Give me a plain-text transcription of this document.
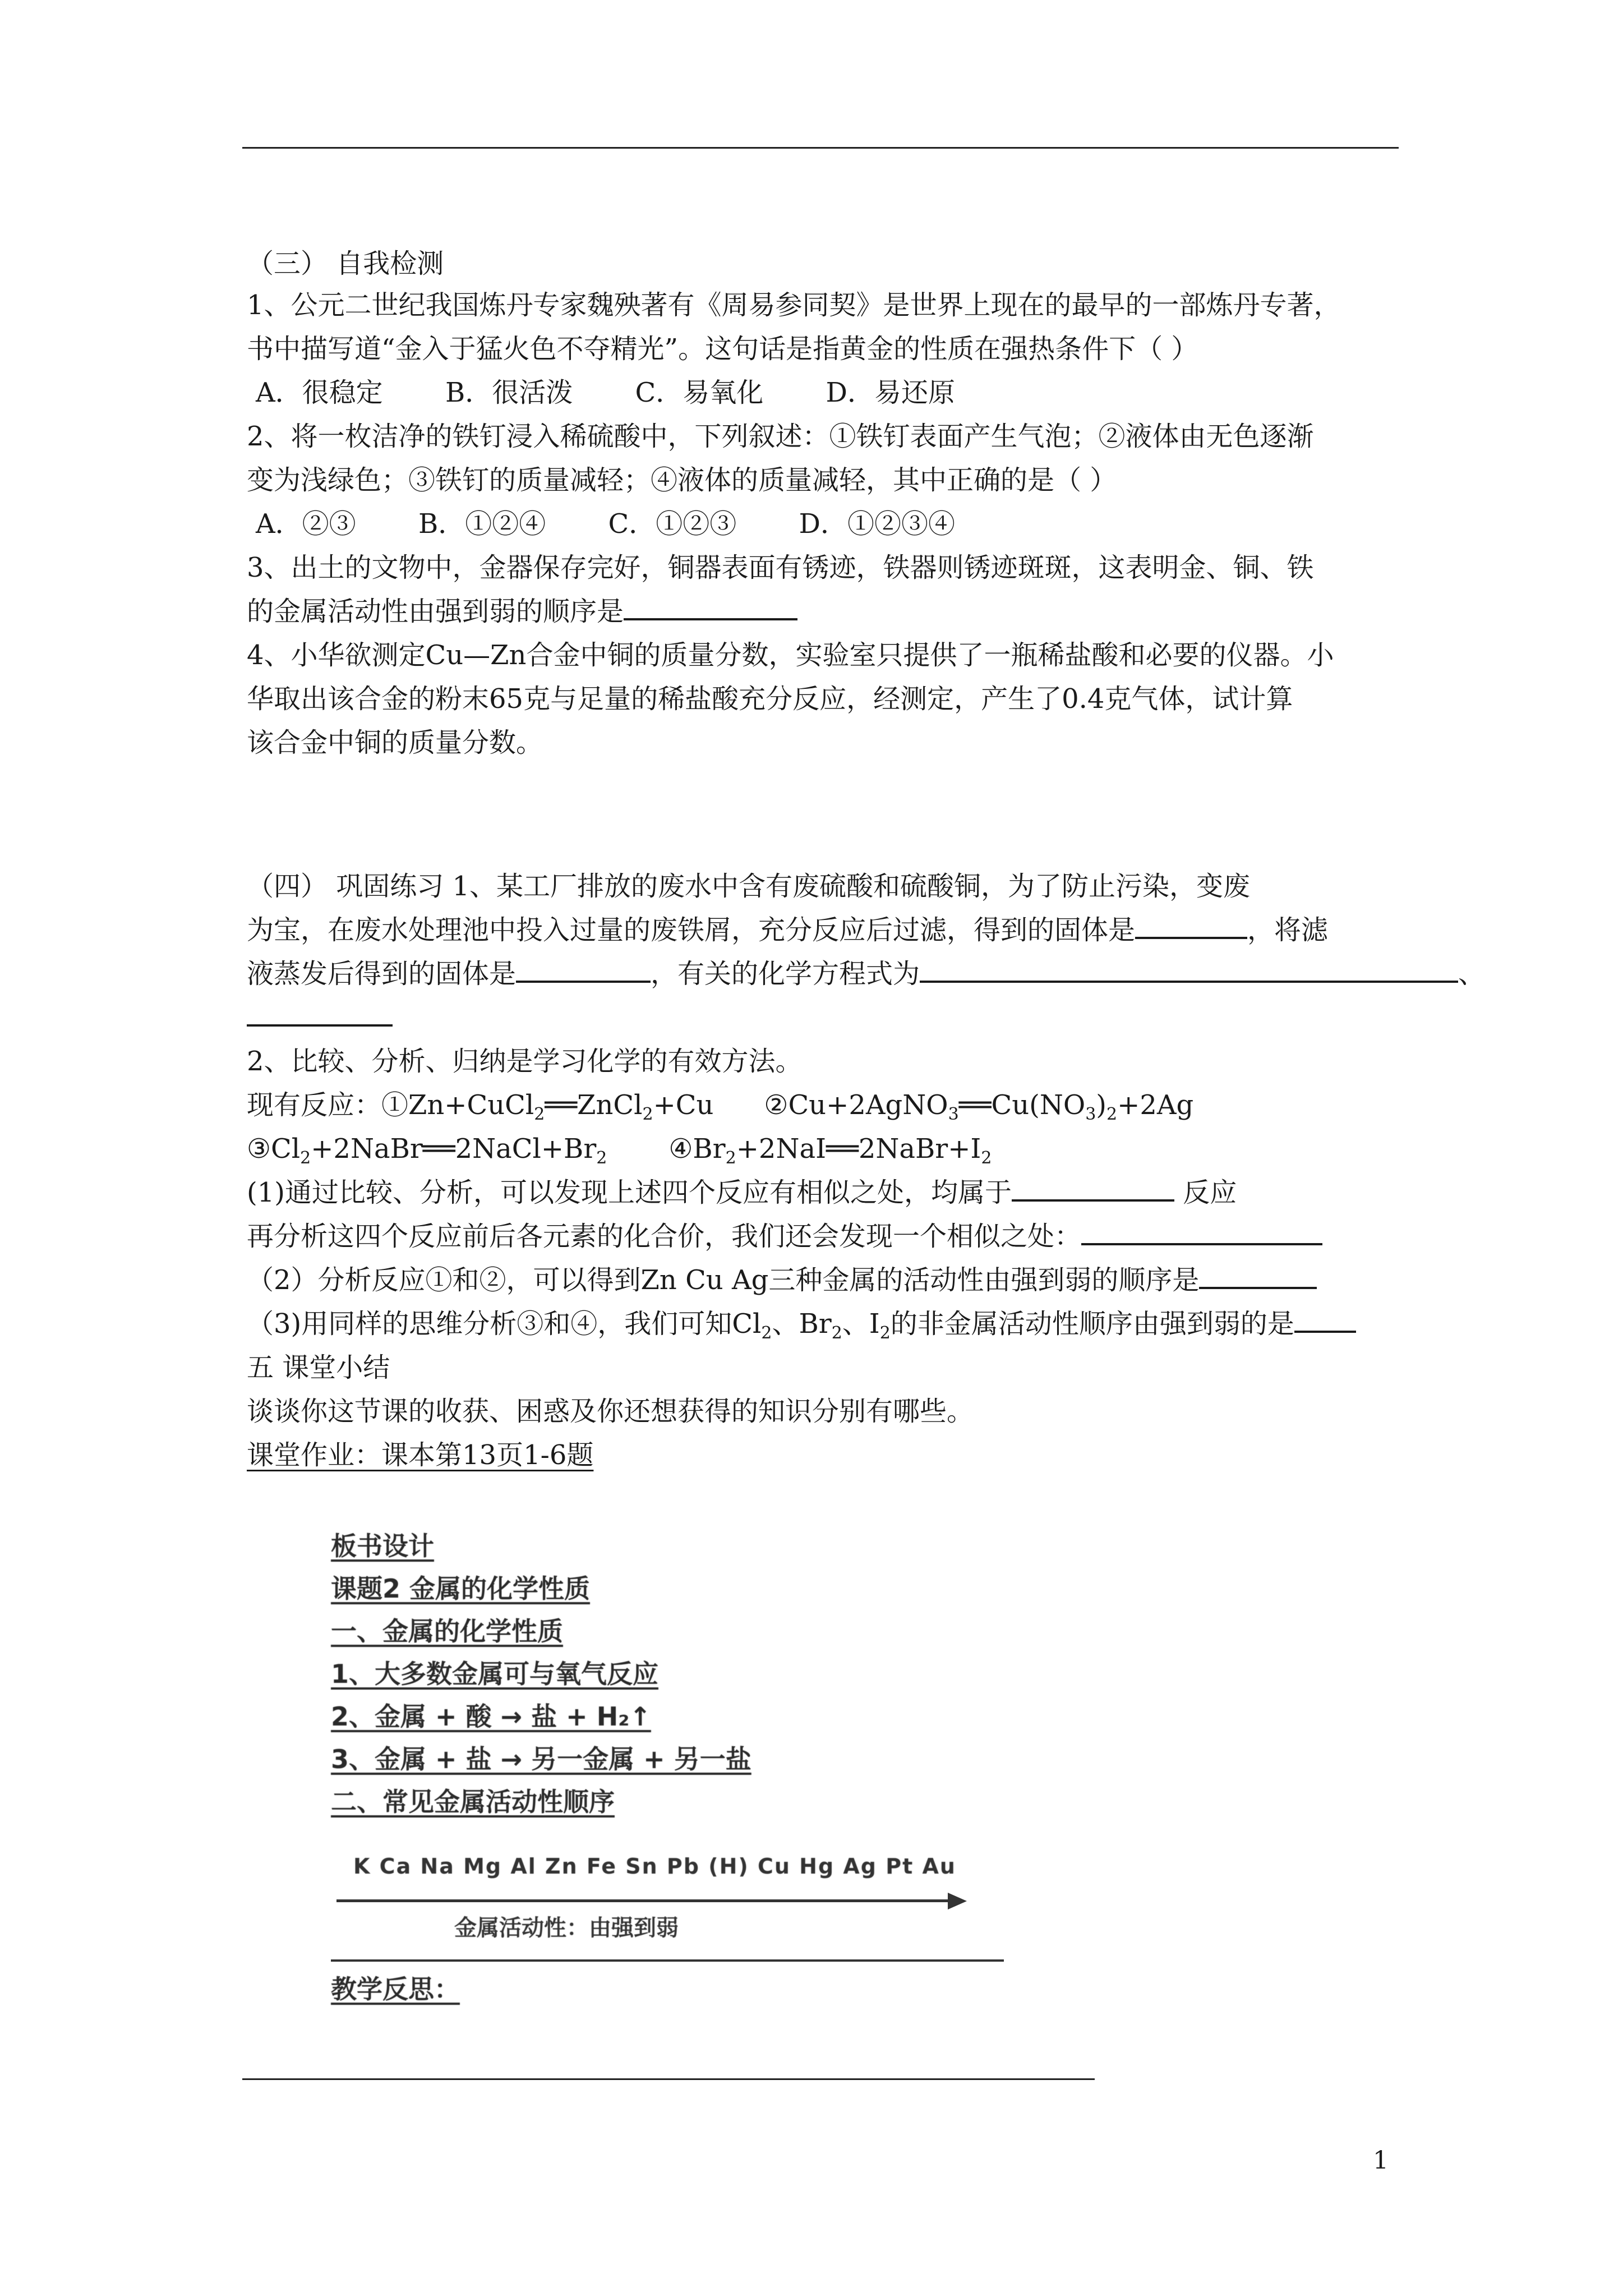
（三） 自我检测
1、公元二世纪我国炼丹专家魏殃著有《周易参同契》是世界上现在的最早的一部炼丹专著，
书中描写道“金入于猛火色不夺精光”。这句话是指黄金的性质在强热条件下（ ）
A．很稳定 B．很活泼 C．易氧化 D．易还原
2、将一枚洁净的铁钉浸入稀硫酸中，下列叙述：①铁钉表面产生气泡；②液体由无色逐渐
变为浅绿色；③铁钉的质量减轻；④液体的质量减轻，其中正确的是（ ）
A．②③ B．①②④ C．①②③ D．①②③④
3、出土的文物中，金器保存完好，铜器表面有锈迹，铁器则锈迹斑斑，这表明金、铜、铁
的金属活动性由强到弱的顺序是
4、小华欲测定Cu—Zn合金中铜的质量分数，实验室只提供了一瓶稀盐酸和必要的仪器。小
华取出该合金的粉末65克与足量的稀盐酸充分反应，经测定，产生了0.4克气体，试计算
该合金中铜的质量分数。
（四） 巩固练习 1、某工厂排放的废水中含有废硫酸和硫酸铜，为了防止污染，变废
为宝，在废水处理池中投入过量的废铁屑，充分反应后过滤，得到的固体是	，将滤
液蒸发后得到的固体是	，有关的化学方程式为	、
2、比较、分析、归纳是学习化学的有效方法。
现有反应：①Zn+CuCl$_2$══ZnCl$_2$+Cu $②Cu+2AgNO_3══Cu(NO_3)_2+2Ag$
$③Cl_2+2NaBr══2NaCl+Br_2$ $④Br_2+2NaI══2NaBr+I_2$
(1)通过比较、分析，可以发现上述四个反应有相似之处，均属于	反应
再分析这四个反应前后各元素的化合价，我们还会发现一个相似之处：
（2）分析反应①和②，可以得到Zn Cu Ag三种金属的活动性由强到弱的顺序是
（3)用同样的思维分析③和④，我们可知$Cl_2$、$Br_2$、$I_2$的非金属活动性顺序由强到弱的是
五 课堂小结
谈谈你这节课的收获、困惑及你还想获得的知识分别有哪些。
课堂作业：课本第13页1-6题
板书设计
课题2 金属的化学性质
一、金属的化学性质
1、大多数金属可与氧气反应
2、金属 + 酸 → 盐 + H₂↑
3、金属 + 盐 → 另一金属 + 另一盐
二、常见金属活动性顺序
K Ca Na Mg Al Zn Fe Sn Pb (H) Cu Hg Ag Pt Au
金属活动性：由强到弱
教学反思：
1
